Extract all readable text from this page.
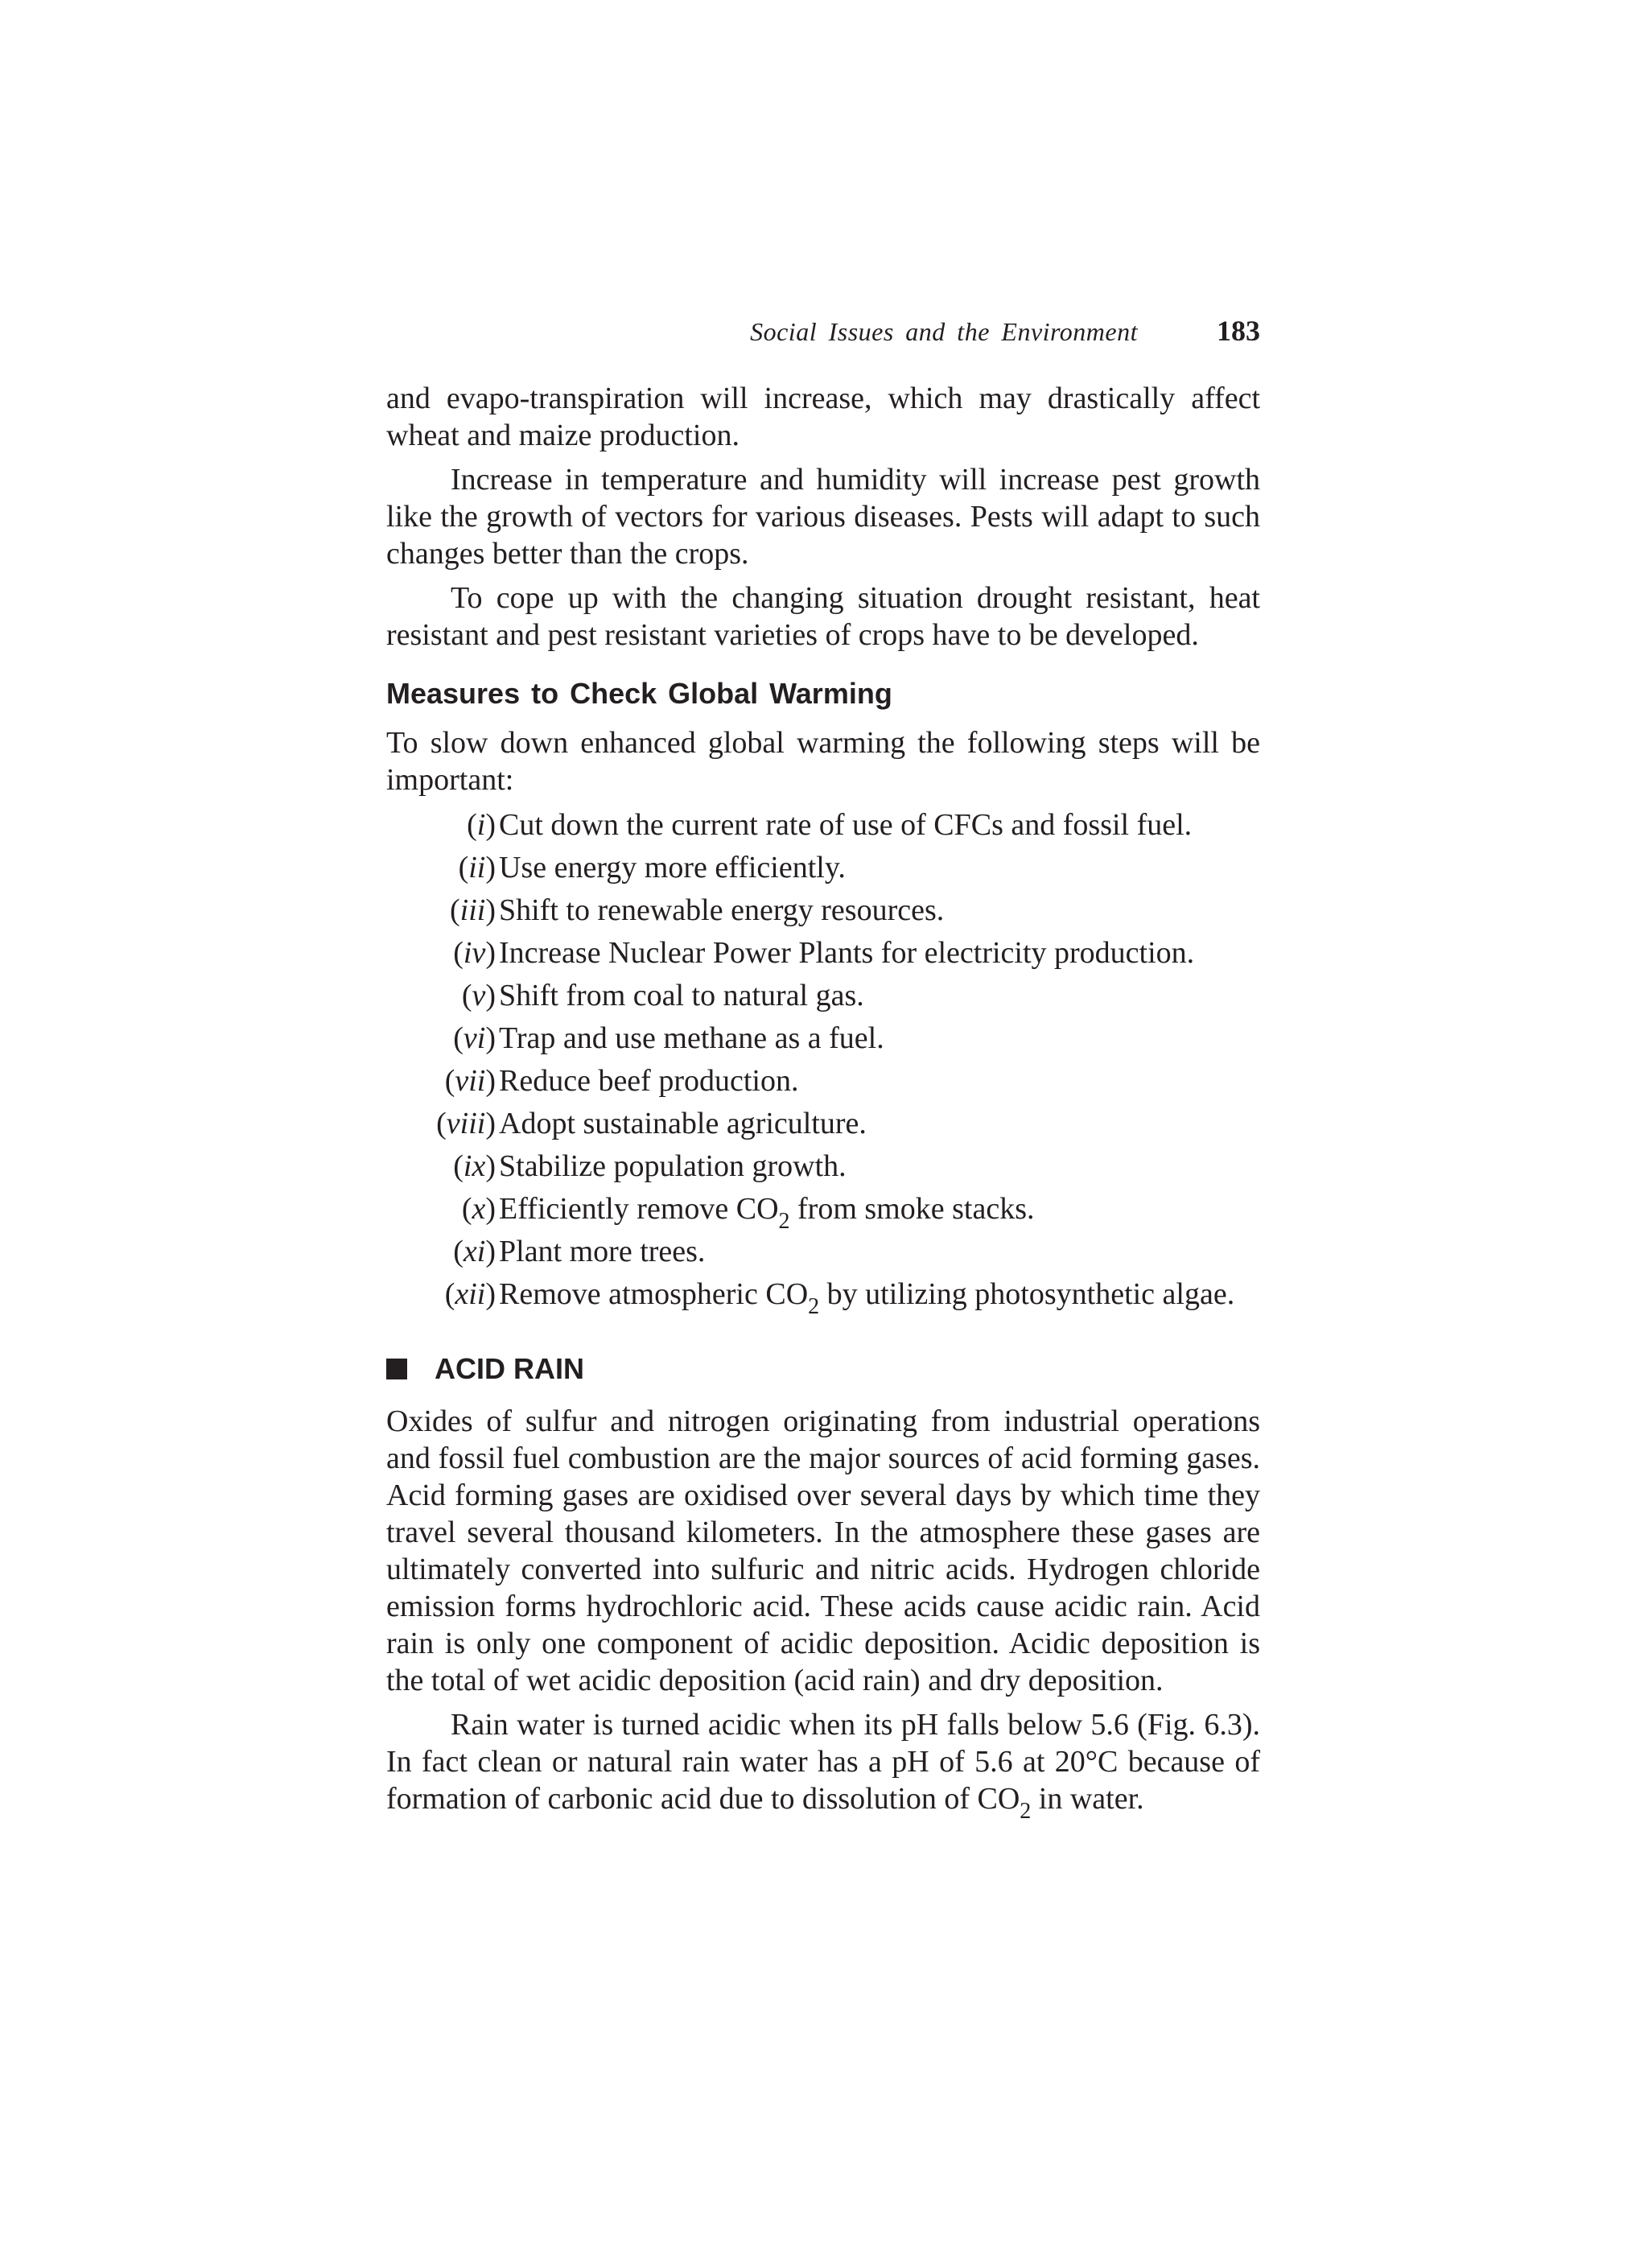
Social Issues and the Environment	183

and evapo-transpiration will increase, which may drastically affect wheat and maize production.

Increase in temperature and humidity will increase pest growth like the growth of vectors for various diseases. Pests will adapt to such changes better than the crops.

To cope up with the changing situation drought resistant, heat resistant and pest resistant varieties of crops have to be developed.

Measures to Check Global Warming

To slow down enhanced global warming the following steps will be important:

(i) Cut down the current rate of use of CFCs and fossil fuel.
(ii) Use energy more efficiently.
(iii) Shift to renewable energy resources.
(iv) Increase Nuclear Power Plants for electricity production.
(v) Shift from coal to natural gas.
(vi) Trap and use methane as a fuel.
(vii) Reduce beef production.
(viii) Adopt sustainable agriculture.
(ix) Stabilize population growth.
(x) Efficiently remove $CO_2$ from smoke stacks.
(xi) Plant more trees.
(xii) Remove atmospheric $CO_2$ by utilizing photosynthetic algae.
ACID RAIN

Oxides of sulfur and nitrogen originating from industrial operations and fossil fuel combustion are the major sources of acid forming gases. Acid forming gases are oxidised over several days by which time they travel several thousand kilometers. In the atmosphere these gases are ultimately converted into sulfuric and nitric acids. Hydrogen chloride emission forms hydrochloric acid. These acids cause acidic rain. Acid rain is only one component of acidic deposition. Acidic deposition is the total of wet acidic deposition (acid rain) and dry deposition.

Rain water is turned acidic when its pH falls below 5.6 (Fig. 6.3). In fact clean or natural rain water has a pH of 5.6 at 20°C because of formation of carbonic acid due to dissolution of $CO_2$ in water.
